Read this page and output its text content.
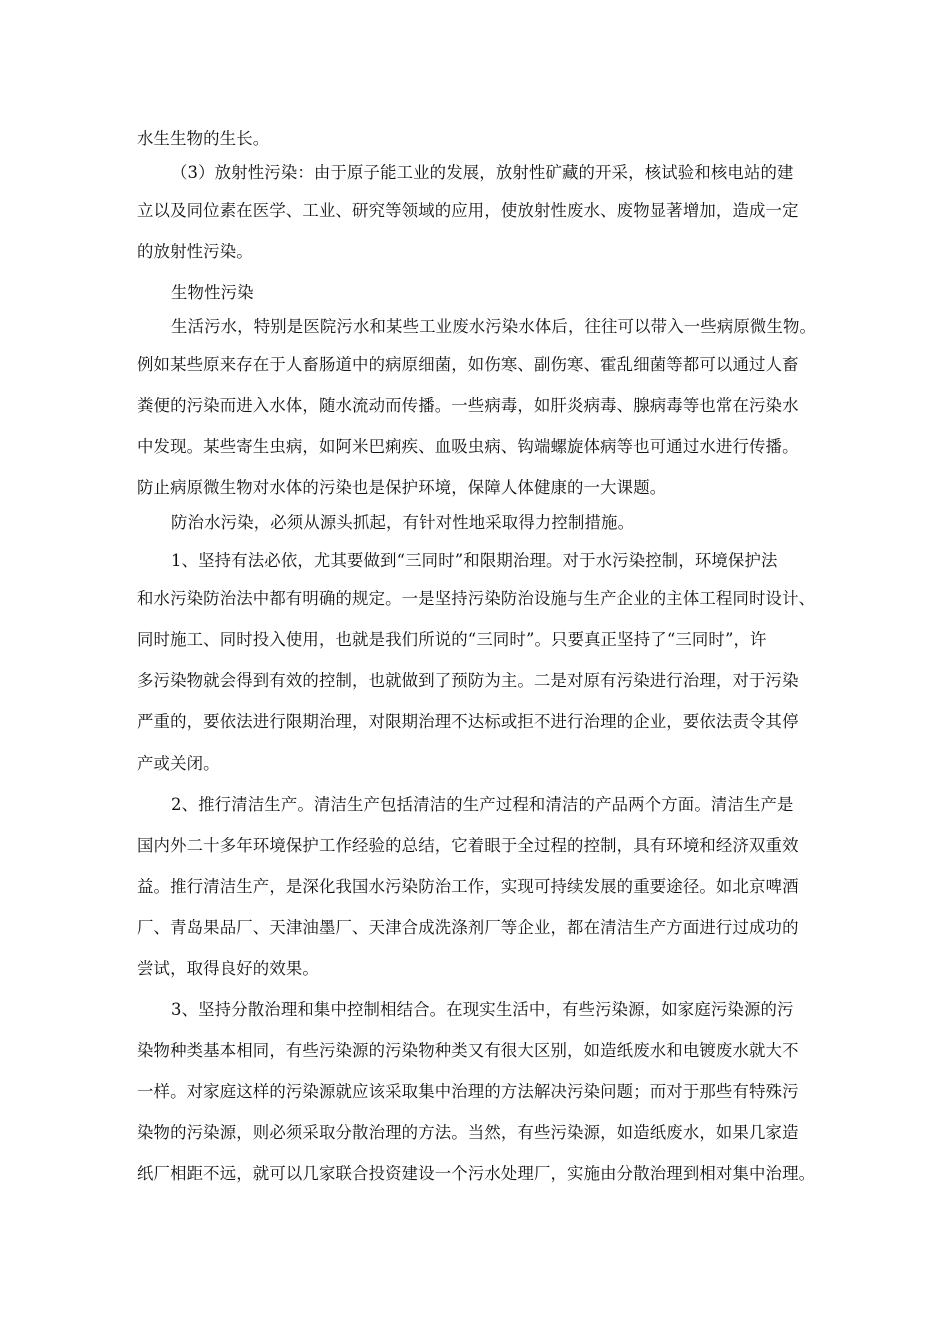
水生生物的生长。
（3）放射性污染：由于原子能工业的发展，放射性矿藏的开采，核试验和核电站的建
立以及同位素在医学、工业、研究等领域的应用，使放射性废水、废物显著增加，造成一定
的放射性污染。
生物性污染
生活污水，特别是医院污水和某些工业废水污染水体后，往往可以带入一些病原微生物。
例如某些原来存在于人畜肠道中的病原细菌，如伤寒、副伤寒、霍乱细菌等都可以通过人畜
粪便的污染而进入水体，随水流动而传播。一些病毒，如肝炎病毒、腺病毒等也常在污染水
中发现。某些寄生虫病，如阿米巴痢疾、血吸虫病、钩端螺旋体病等也可通过水进行传播。
防止病原微生物对水体的污染也是保护环境，保障人体健康的一大课题。
防治水污染，必须从源头抓起，有针对性地采取得力控制措施。
1、坚持有法必依，尤其要做到“三同时”和限期治理。对于水污染控制，环境保护法
和水污染防治法中都有明确的规定。一是坚持污染防治设施与生产企业的主体工程同时设计、
同时施工、同时投入使用，也就是我们所说的“三同时”。只要真正坚持了“三同时”，许
多污染物就会得到有效的控制，也就做到了预防为主。二是对原有污染进行治理，对于污染
严重的，要依法进行限期治理，对限期治理不达标或拒不进行治理的企业，要依法责令其停
产或关闭。
2、推行清洁生产。清洁生产包括清洁的生产过程和清洁的产品两个方面。清洁生产是
国内外二十多年环境保护工作经验的总结，它着眼于全过程的控制，具有环境和经济双重效
益。推行清洁生产，是深化我国水污染防治工作，实现可持续发展的重要途径。如北京啤酒
厂、青岛果品厂、天津油墨厂、天津合成洗涤剂厂等企业，都在清洁生产方面进行过成功的
尝试，取得良好的效果。
3、坚持分散治理和集中控制相结合。在现实生活中，有些污染源，如家庭污染源的污
染物种类基本相同，有些污染源的污染物种类又有很大区别，如造纸废水和电镀废水就大不
一样。对家庭这样的污染源就应该采取集中治理的方法解决污染问题；而对于那些有特殊污
染物的污染源，则必须采取分散治理的方法。当然，有些污染源，如造纸废水，如果几家造
纸厂相距不远，就可以几家联合投资建设一个污水处理厂，实施由分散治理到相对集中治理。
